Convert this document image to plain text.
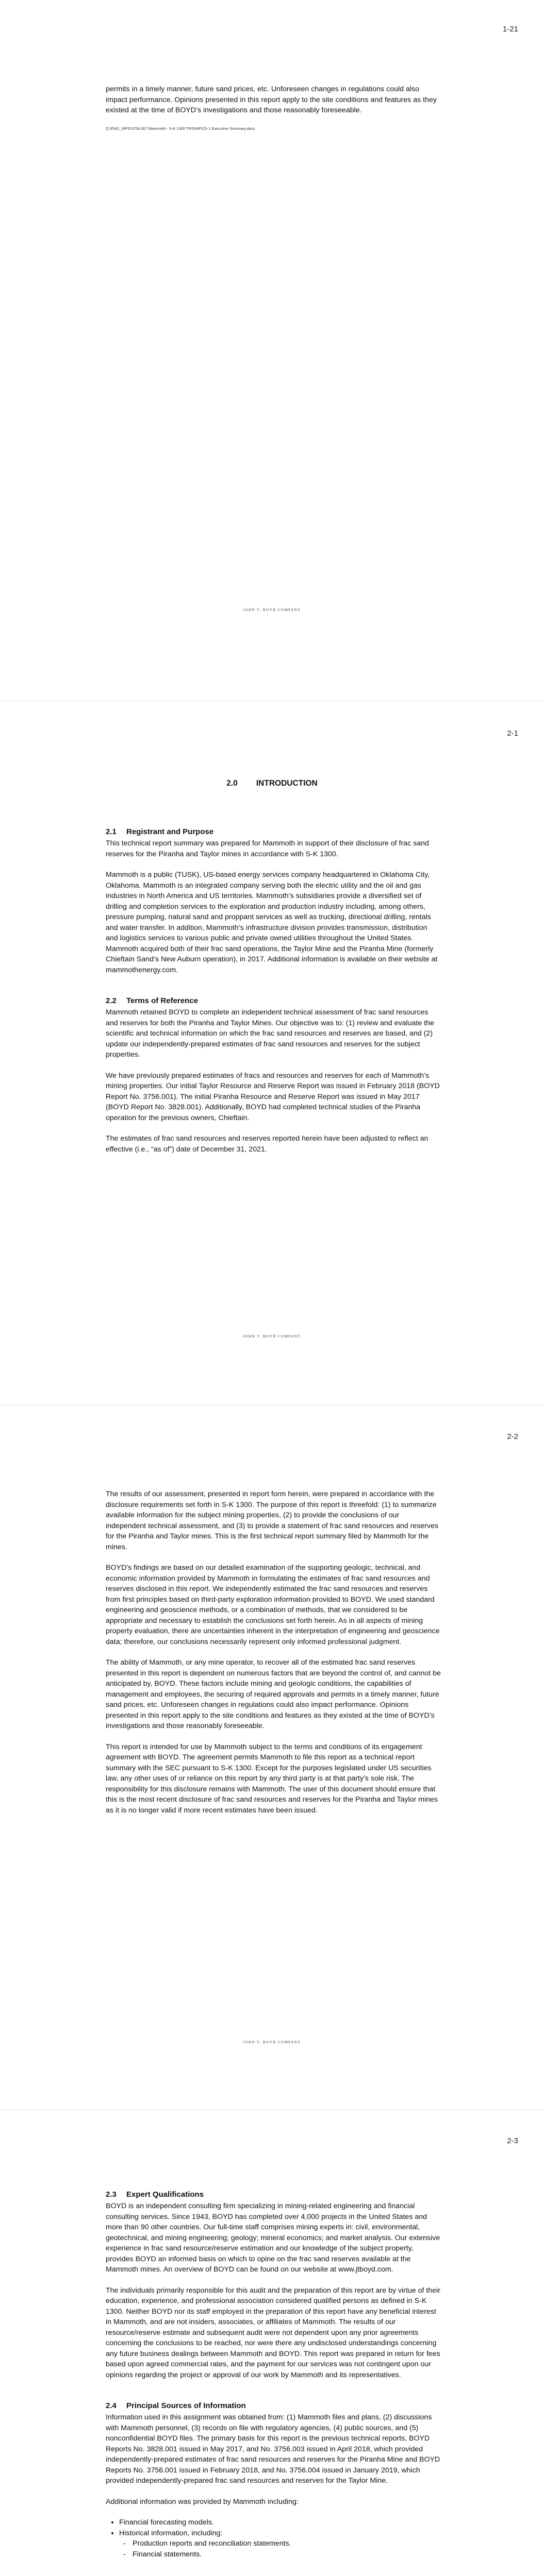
1-21

permits in a timely manner, future sand prices, etc. Unforeseen changes in regulations could also impact performance. Opinions presented in this report apply to the site conditions and features as they existed at the time of BOYD’s investigations and those reasonably foreseeable.

Q:\ENG_WPS\3756.007 Mammoth - S-K 1300 TRS\WP\Ch 1 Executive Summary.docx
JOHN T. BOYD COMPANY
2-1
2.0 INTRODUCTION
2.1 Registrant and Purpose

This technical report summary was prepared for Mammoth in support of their disclosure of frac sand reserves for the Piranha and Taylor mines in accordance with S-K 1300.

Mammoth is a public (TUSK), US-based energy services company headquartered in Oklahoma City, Oklahoma. Mammoth is an integrated company serving both the electric utility and the oil and gas industries in North America and US territories. Mammoth’s subsidiaries provide a diversified set of drilling and completion services to the exploration and production industry including, among others, pressure pumping, natural sand and proppant services as well as trucking, directional drilling, rentals and water transfer. In addition, Mammoth’s infrastructure division provides transmission, distribution and logistics services to various public and private owned utilities throughout the United States. Mammoth acquired both of their frac sand operations, the Taylor Mine and the Piranha Mine (formerly Chieftain Sand’s New Auburn operation), in 2017. Additional information is available on their website at mammothenergy.com.

2.2 Terms of Reference

Mammoth retained BOYD to complete an independent technical assessment of frac sand resources and reserves for both the Piranha and Taylor Mines. Our objective was to: (1) review and evaluate the scientific and technical information on which the frac sand resources and reserves are based, and (2) update our independently-prepared estimates of frac sand resources and reserves for the subject properties.

We have previously prepared estimates of fracs and resources and reserves for each of Mammoth’s mining properties. Our initial Taylor Resource and Reserve Report was issued in February 2018 (BOYD Report No. 3756.001). The initial Piranha Resource and Reserve Report was issued in May 2017 (BOYD Report No. 3828.001). Additionally, BOYD had completed technical studies of the Piranha operation for the previous owners, Chieftain.

The estimates of frac sand resources and reserves reported herein have been adjusted to reflect an effective (i.e., “as of”) date of December 31, 2021.

JOHN T. BOYD COMPANY
2-2

The results of our assessment, presented in report form herein, were prepared in accordance with the disclosure requirements set forth in S-K 1300. The purpose of this report is threefold: (1) to summarize available information for the subject mining properties, (2) to provide the conclusions of our independent technical assessment, and (3) to provide a statement of frac sand resources and reserves for the Piranha and Taylor mines. This is the first technical report summary filed by Mammoth for the mines.

BOYD’s findings are based on our detailed examination of the supporting geologic, technical, and economic information provided by Mammoth in formulating the estimates of frac sand resources and reserves disclosed in this report. We independently estimated the frac sand resources and reserves from first principles based on third-party exploration information provided to BOYD. We used standard engineering and geoscience methods, or a combination of methods, that we considered to be appropriate and necessary to establish the conclusions set forth herein. As in all aspects of mining property evaluation, there are uncertainties inherent in the interpretation of engineering and geoscience data; therefore, our conclusions necessarily represent only informed professional judgment.

The ability of Mammoth, or any mine operator, to recover all of the estimated frac sand reserves presented in this report is dependent on numerous factors that are beyond the control of, and cannot be anticipated by, BOYD. These factors include mining and geologic conditions, the capabilities of management and employees, the securing of required approvals and permits in a timely manner, future sand prices, etc. Unforeseen changes in regulations could also impact performance. Opinions presented in this report apply to the site conditions and features as they existed at the time of BOYD’s investigations and those reasonably foreseeable.

This report is intended for use by Mammoth subject to the terms and conditions of its engagement agreement with BOYD. The agreement permits Mammoth to file this report as a technical report summary with the SEC pursuant to S-K 1300. Except for the purposes legislated under US securities law, any other uses of or reliance on this report by any third party is at that party’s sole risk. The responsibility for this disclosure remains with Mammoth. The user of this document should ensure that this is the most recent disclosure of frac sand resources and reserves for the Piranha and Taylor mines as it is no longer valid if more recent estimates have been issued.

JOHN T. BOYD COMPANY
2-3
2.3 Expert Qualifications

BOYD is an independent consulting firm specializing in mining-related engineering and financial consulting services. Since 1943, BOYD has completed over 4,000 projects in the United States and more than 90 other countries. Our full-time staff comprises mining experts in: civil, environmental, geotechnical, and mining engineering; geology; mineral economics; and market analysis. Our extensive experience in frac sand resource/reserve estimation and our knowledge of the subject property, provides BOYD an informed basis on which to opine on the frac sand reserves available at the Mammoth mines. An overview of BOYD can be found on our website at www.jtboyd.com.

The individuals primarily responsible for this audit and the preparation of this report are by virtue of their education, experience, and professional association considered qualified persons as defined in S-K 1300. Neither BOYD nor its staff employed in the preparation of this report have any beneficial interest in Mammoth, and are not insiders, associates, or affiliates of Mammoth. The results of our resource/reserve estimate and subsequent audit were not dependent upon any prior agreements concerning the conclusions to be reached, nor were there any undisclosed understandings concerning any future business dealings between Mammoth and BOYD. This report was prepared in return for fees based upon agreed commercial rates, and the payment for our services was not contingent upon our opinions regarding the project or approval of our work by Mammoth and its representatives.

2.4 Principal Sources of Information

Information used in this assignment was obtained from: (1) Mammoth files and plans, (2) discussions with Mammoth personnel, (3) records on file with regulatory agencies, (4) public sources, and (5) nonconfidential BOYD files. The primary basis for this report is the previous technical reports, BOYD Reports No. 3828.001 issued in May 2017, and No. 3756.003 issued in April 2018, which provided independently-prepared estimates of frac sand resources and reserves for the Piranha Mine and BOYD Reports No. 3756.001 issued in February 2018, and No. 3756.004 issued in January 2019, which provided independently-prepared frac sand resources and reserves for the Taylor Mine.

Additional information was provided by Mammoth including:

• Financial forecasting models.
• Historical information, including:
- Production reports and reconciliation statements.
- Financial statements.
